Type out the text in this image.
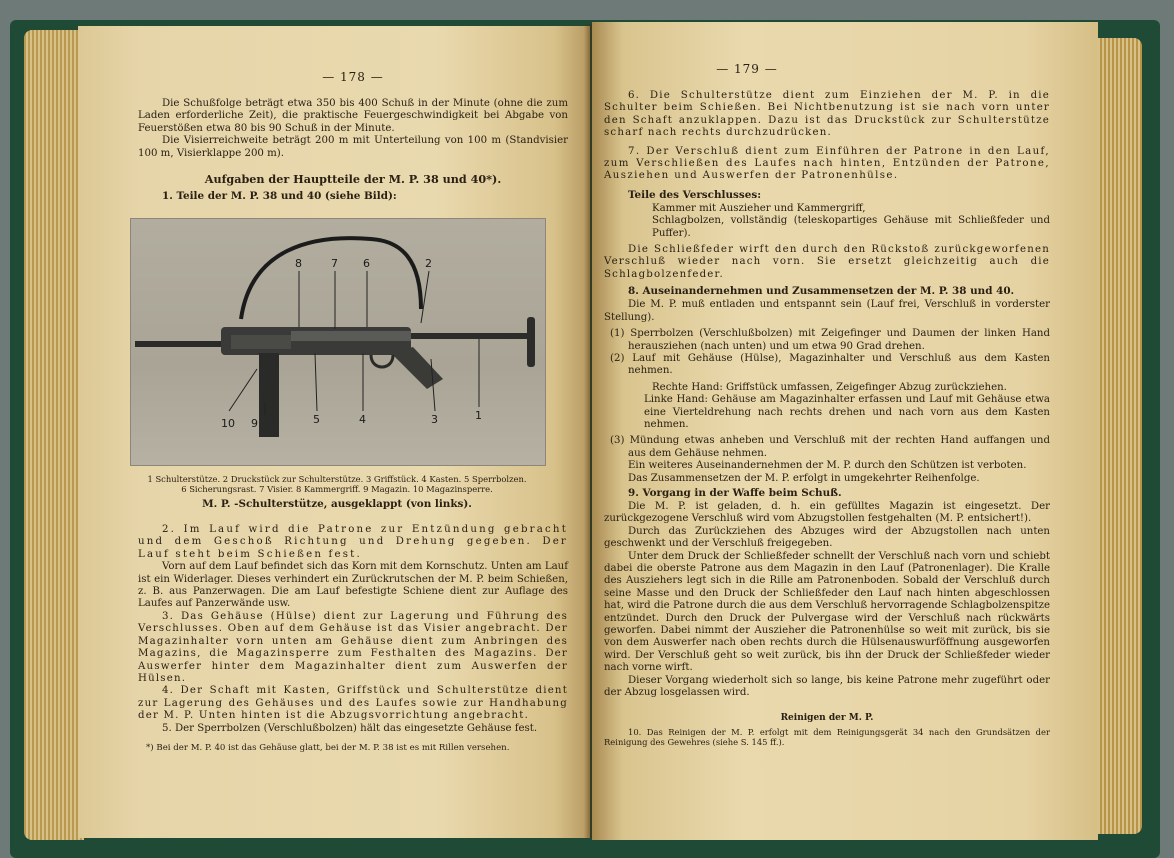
— 178 —

Die Schußfolge beträgt etwa 350 bis 400 Schuß in der Minute (ohne die zum Laden erforderliche Zeit), die praktische Feuergeschwindigkeit bei Abgabe von Feuerstößen etwa 80 bis 90 Schuß in der Minute.

Die Visierreichweite beträgt 200 m mit Unterteilung von 100 m (Standvisier 100 m, Visierklappe 200 m).

Aufgaben der Hauptteile der M. P. 38 und 40*).
1. Teile der M. P. 38 und 40 (siehe Bild):
8	7 6	2
1
3
4
5
9
10
1 Schulterstütze. 2 Druckstück zur Schulterstütze. 3 Griffstück. 4 Kasten. 5 Sperrbolzen.
6 Sicherungsrast. 7 Visier. 8 Kammergriff. 9 Magazin. 10 Magazinsperre.
M. P. -Schulterstütze, ausgeklappt (von links).

2. Im Lauf wird die Patrone zur Entzündung gebracht und dem Geschoß Richtung und Drehung gegeben. Der Lauf steht beim Schießen fest.

Vorn auf dem Lauf befindet sich das Korn mit dem Kornschutz. Unten am Lauf ist ein Widerlager. Dieses verhindert ein Zurückrutschen der M. P. beim Schießen, z. B. aus Panzerwagen. Die am Lauf befestigte Schiene dient zur Auflage des Laufes auf Panzerwände usw.

3. Das Gehäuse (Hülse) dient zur Lagerung und Führung des Verschlusses. Oben auf dem Gehäuse ist das Visier angebracht. Der Magazinhalter vorn unten am Gehäuse dient zum Anbringen des Magazins, die Magazinsperre zum Festhalten des Magazins. Der Auswerfer hinter dem Magazinhalter dient zum Auswerfen der Hülsen.

4. Der Schaft mit Kasten, Griffstück und Schulterstütze dient zur Lagerung des Gehäuses und des Laufes sowie zur Handhabung der M. P. Unten hinten ist die Abzugsvorrichtung angebracht.

5. Der Sperrbolzen (Verschlußbolzen) hält das eingesetzte Gehäuse fest.

*) Bei der M. P. 40 ist das Gehäuse glatt, bei der M. P. 38 ist es mit Rillen versehen.
— 179 —

6. Die Schulterstütze dient zum Einziehen der M. P. in die Schulter beim Schießen. Bei Nichtbenutzung ist sie nach vorn unter den Schaft anzuklappen. Dazu ist das Druckstück zur Schulterstütze scharf nach rechts durchzudrücken.

7. Der Verschluß dient zum Einführen der Patrone in den Lauf, zum Verschließen des Laufes nach hinten, Entzünden der Patrone, Ausziehen und Auswerfen der Patronenhülse.

Teile des Verschlusses:

Kammer mit Auszieher und Kammergriff,

Schlagbolzen, vollständig (teleskopartiges Gehäuse mit Schließfeder und Puffer).

Die Schließfeder wirft den durch den Rückstoß zurückgeworfenen Verschluß wieder nach vorn. Sie ersetzt gleichzeitig auch die Schlagbolzenfeder.

8. Auseinandernehmen und Zusammensetzen der M. P. 38 und 40.

Die M. P. muß entladen und entspannt sein (Lauf frei, Verschluß in vorderster Stellung).

(1) Sperrbolzen (Verschlußbolzen) mit Zeigefinger und Daumen der linken Hand herausziehen (nach unten) und um etwa 90 Grad drehen.

(2) Lauf mit Gehäuse (Hülse), Magazinhalter und Verschluß aus dem Kasten nehmen.

Rechte Hand: Griffstück umfassen, Zeigefinger Abzug zurückziehen.

Linke Hand: Gehäuse am Magazinhalter erfassen und Lauf mit Gehäuse etwa eine Vierteldrehung nach rechts drehen und nach vorn aus dem Kasten nehmen.

(3) Mündung etwas anheben und Verschluß mit der rechten Hand auffangen und aus dem Gehäuse nehmen.

Ein weiteres Auseinandernehmen der M. P. durch den Schützen ist verboten.

Das Zusammensetzen der M. P. erfolgt in umgekehrter Reihenfolge.

9. Vorgang in der Waffe beim Schuß.

Die M. P. ist geladen, d. h. ein gefülltes Magazin ist eingesetzt. Der zurückgezogene Verschluß wird vom Abzugstollen festgehalten (M. P. entsichert!).

Durch das Zurückziehen des Abzuges wird der Abzugstollen nach unten geschwenkt und der Verschluß freigegeben.

Unter dem Druck der Schließfeder schnellt der Verschluß nach vorn und schiebt dabei die oberste Patrone aus dem Magazin in den Lauf (Patronenlager). Die Kralle des Ausziehers legt sich in die Rille am Patronenboden. Sobald der Verschluß durch seine Masse und den Druck der Schließfeder den Lauf nach hinten abgeschlossen hat, wird die Patrone durch die aus dem Verschluß hervorragende Schlagbolzenspitze entzündet. Durch den Druck der Pulvergase wird der Verschluß nach rückwärts geworfen. Dabei nimmt der Auszieher die Patronenhülse so weit mit zurück, bis sie von dem Auswerfer nach oben rechts durch die Hülsenauswurföffnung ausgeworfen wird. Der Verschluß geht so weit zurück, bis ihn der Druck der Schließfeder wieder nach vorne wirft.

Dieser Vorgang wiederholt sich so lange, bis keine Patrone mehr zugeführt oder der Abzug losgelassen wird.

Reinigen der M. P.

10. Das Reinigen der M. P. erfolgt mit dem Reinigungsgerät 34 nach den Grundsätzen der Reinigung des Gewehres (siehe S. 145 ff.).
